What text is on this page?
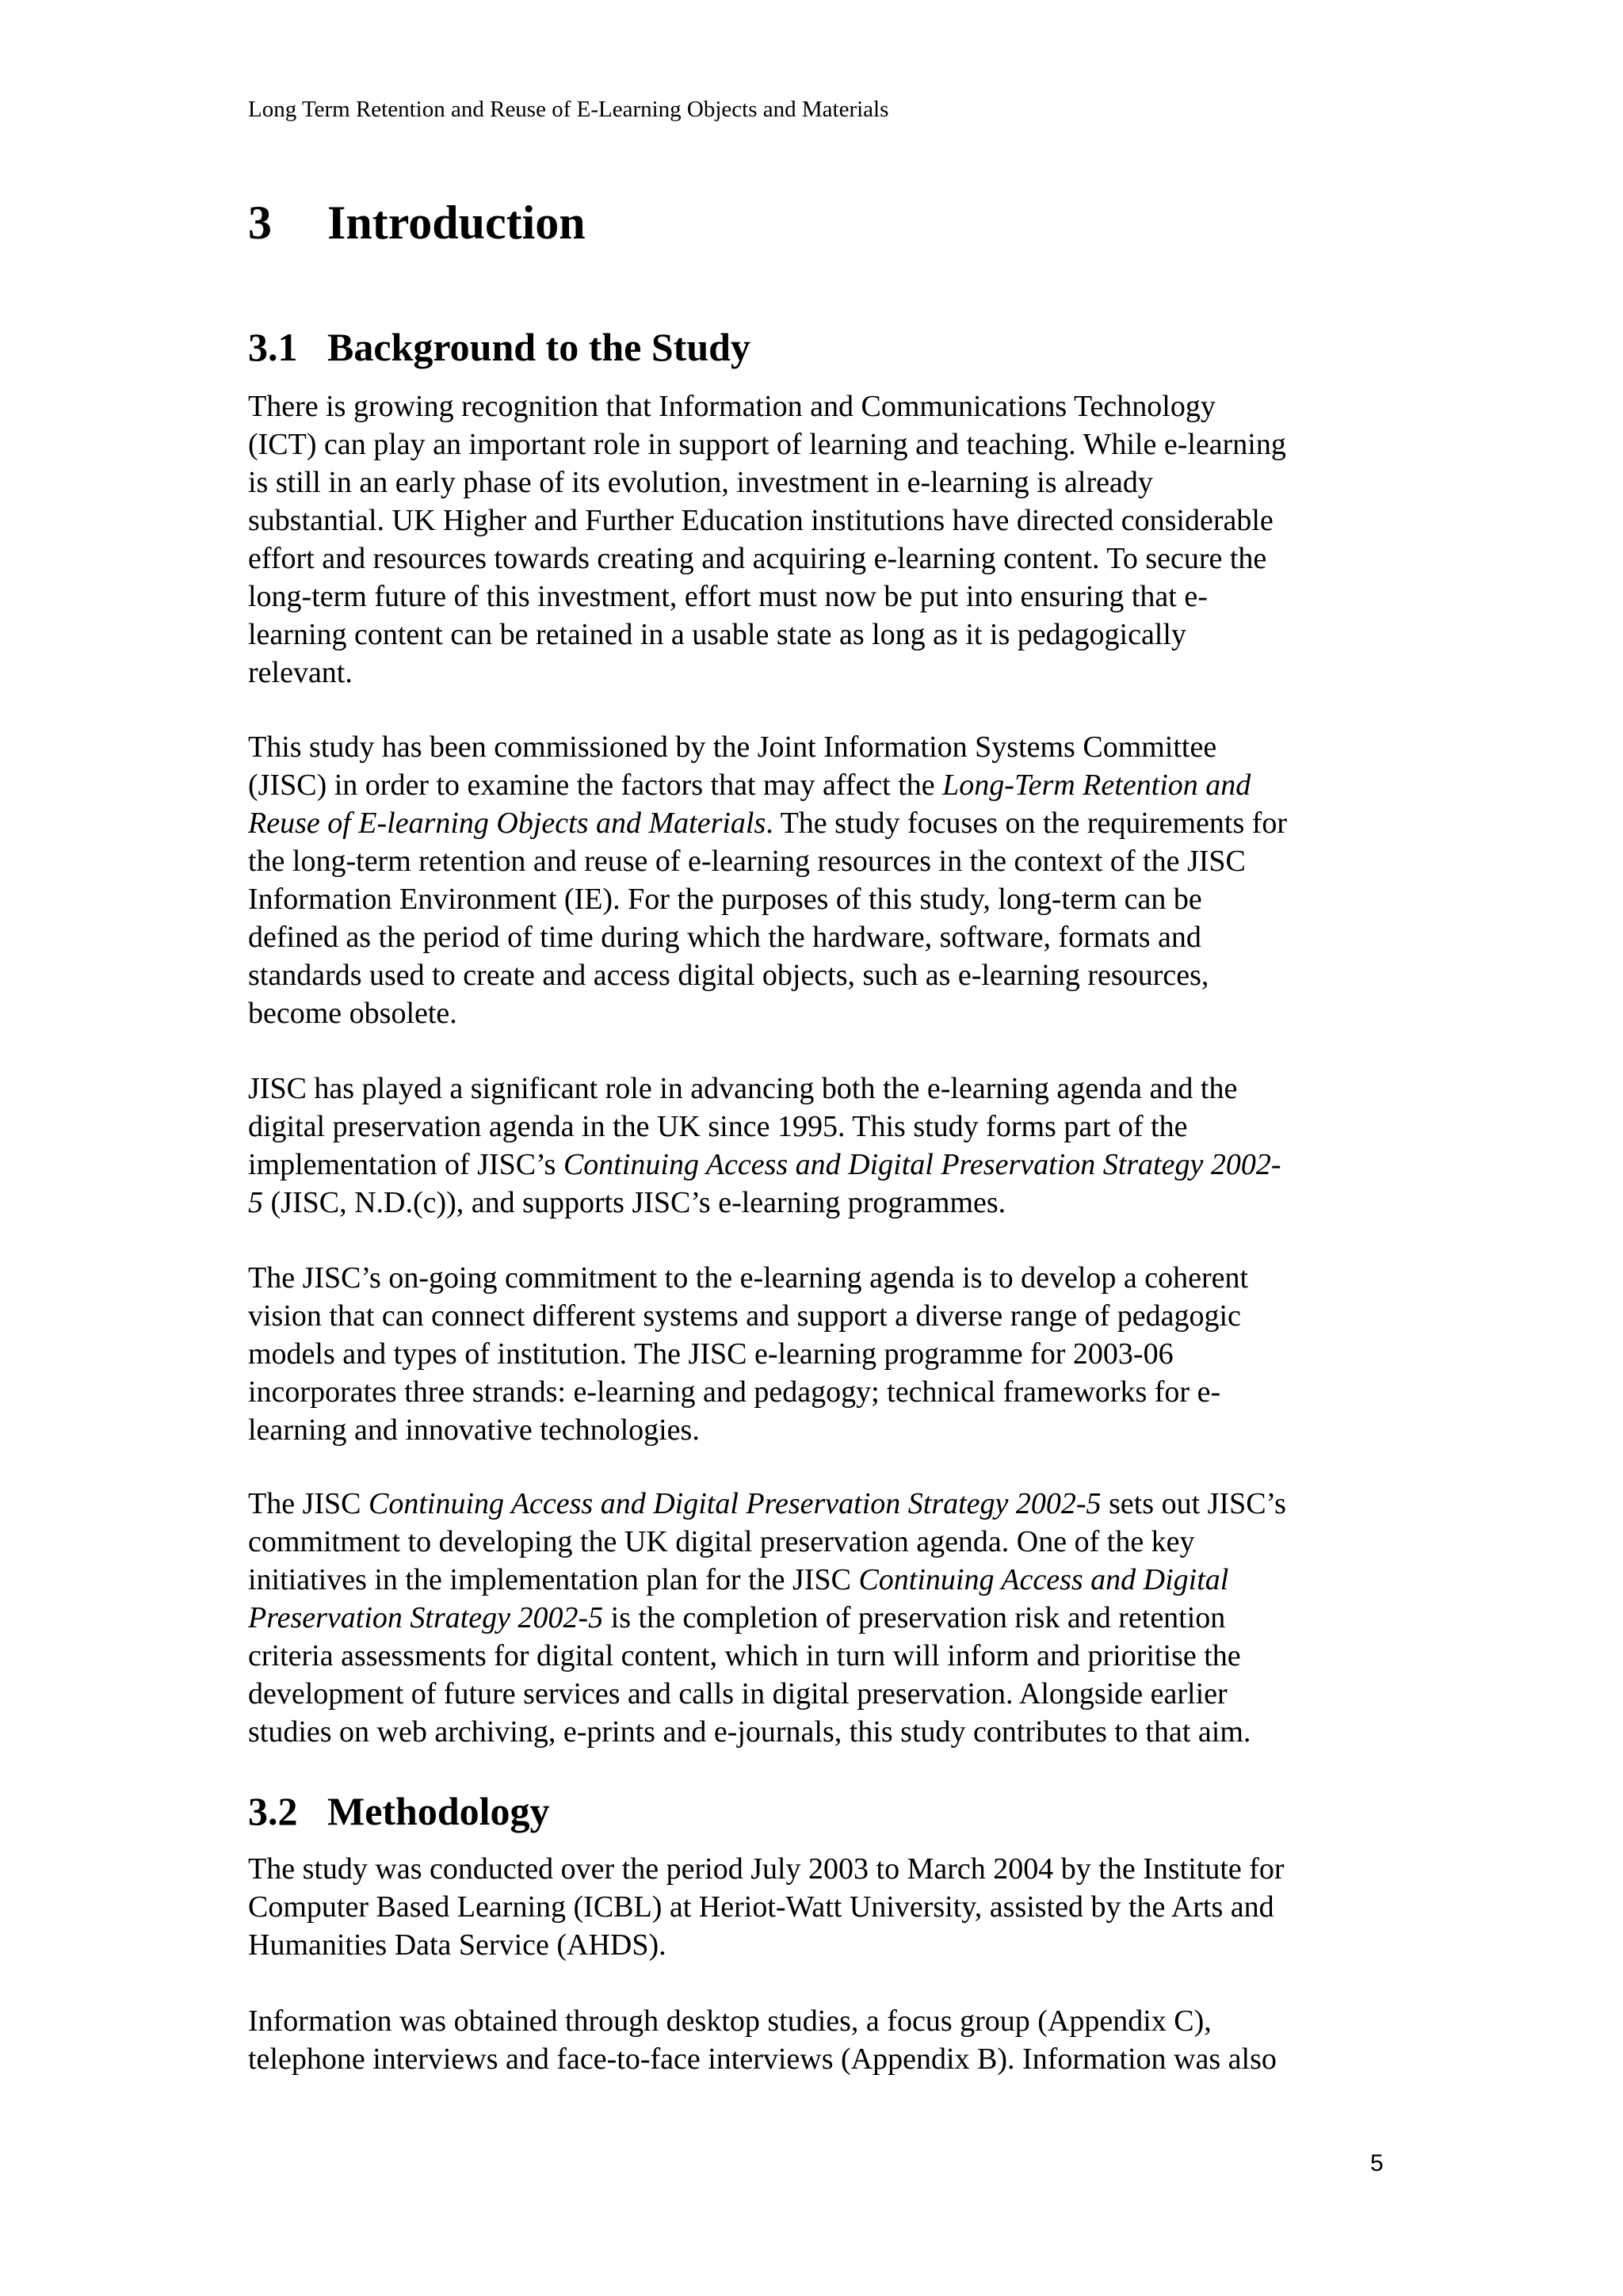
Long Term Retention and Reuse of E-Learning Objects and Materials
3 Introduction
3.1 Background to the Study
There is growing recognition that Information and Communications Technology
(ICT) can play an important role in support of learning and teaching. While e-learning
is still in an early phase of its evolution, investment in e-learning is already
substantial. UK Higher and Further Education institutions have directed considerable
effort and resources towards creating and acquiring e-learning content. To secure the
long-term future of this investment, effort must now be put into ensuring that e-
learning content can be retained in a usable state as long as it is pedagogically
relevant.
This study has been commissioned by the Joint Information Systems Committee
(JISC) in order to examine the factors that may affect the Long-Term Retention and
Reuse of E-learning Objects and Materials. The study focuses on the requirements for
the long-term retention and reuse of e-learning resources in the context of the JISC
Information Environment (IE). For the purposes of this study, long-term can be
defined as the period of time during which the hardware, software, formats and
standards used to create and access digital objects, such as e-learning resources,
become obsolete.
JISC has played a significant role in advancing both the e-learning agenda and the
digital preservation agenda in the UK since 1995. This study forms part of the
implementation of JISC’s Continuing Access and Digital Preservation Strategy 2002-
5 (JISC, N.D.(c)), and supports JISC’s e-learning programmes.
The JISC’s on-going commitment to the e-learning agenda is to develop a coherent
vision that can connect different systems and support a diverse range of pedagogic
models and types of institution. The JISC e-learning programme for 2003-06
incorporates three strands: e-learning and pedagogy; technical frameworks for e-
learning and innovative technologies.
The JISC Continuing Access and Digital Preservation Strategy 2002-5 sets out JISC’s
commitment to developing the UK digital preservation agenda. One of the key
initiatives in the implementation plan for the JISC Continuing Access and Digital
Preservation Strategy 2002-5 is the completion of preservation risk and retention
criteria assessments for digital content, which in turn will inform and prioritise the
development of future services and calls in digital preservation. Alongside earlier
studies on web archiving, e-prints and e-journals, this study contributes to that aim.
3.2 Methodology
The study was conducted over the period July 2003 to March 2004 by the Institute for
Computer Based Learning (ICBL) at Heriot-Watt University, assisted by the Arts and
Humanities Data Service (AHDS).
Information was obtained through desktop studies, a focus group (Appendix C),
telephone interviews and face-to-face interviews (Appendix B). Information was also
5
